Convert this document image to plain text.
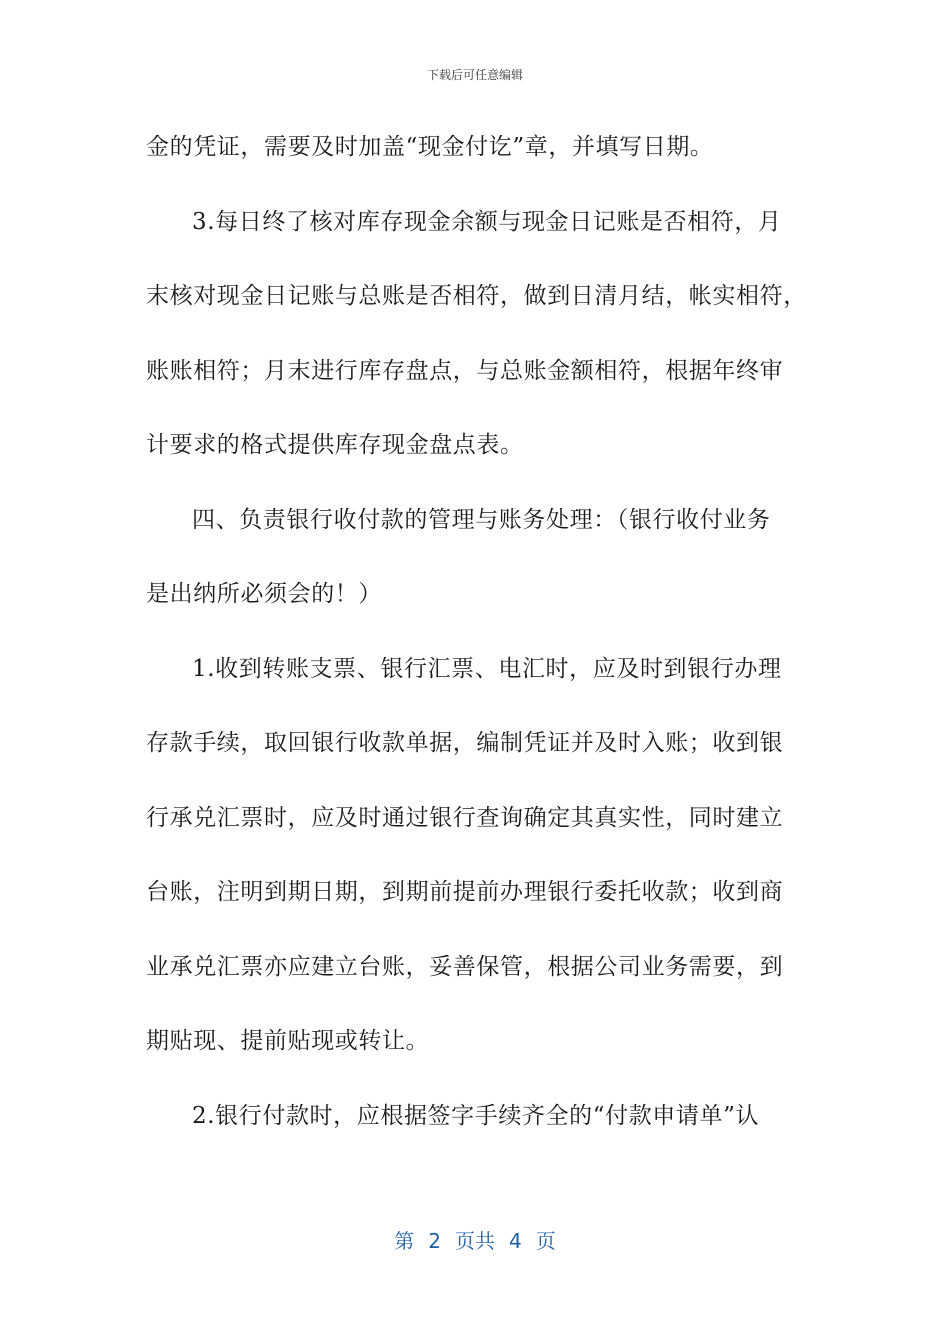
下载后可任意编辑
金的凭证，需要及时加盖“现金付讫”章，并填写日期。
3.每日终了核对库存现金余额与现金日记账是否相符，月
末核对现金日记账与总账是否相符，做到日清月结，帐实相符，
账账相符；月末进行库存盘点，与总账金额相符，根据年终审
计要求的格式提供库存现金盘点表。
四、负责银行收付款的管理与账务处理：（银行收付业务
是出纳所必须会的！）
1.收到转账支票、银行汇票、电汇时，应及时到银行办理
存款手续，取回银行收款单据，编制凭证并及时入账；收到银
行承兑汇票时，应及时通过银行查询确定其真实性，同时建立
台账，注明到期日期，到期前提前办理银行委托收款；收到商
业承兑汇票亦应建立台账，妥善保管，根据公司业务需要，到
期贴现、提前贴现或转让。
2.银行付款时，应根据签字手续齐全的“付款申请单”认
第 2 页共 4 页
